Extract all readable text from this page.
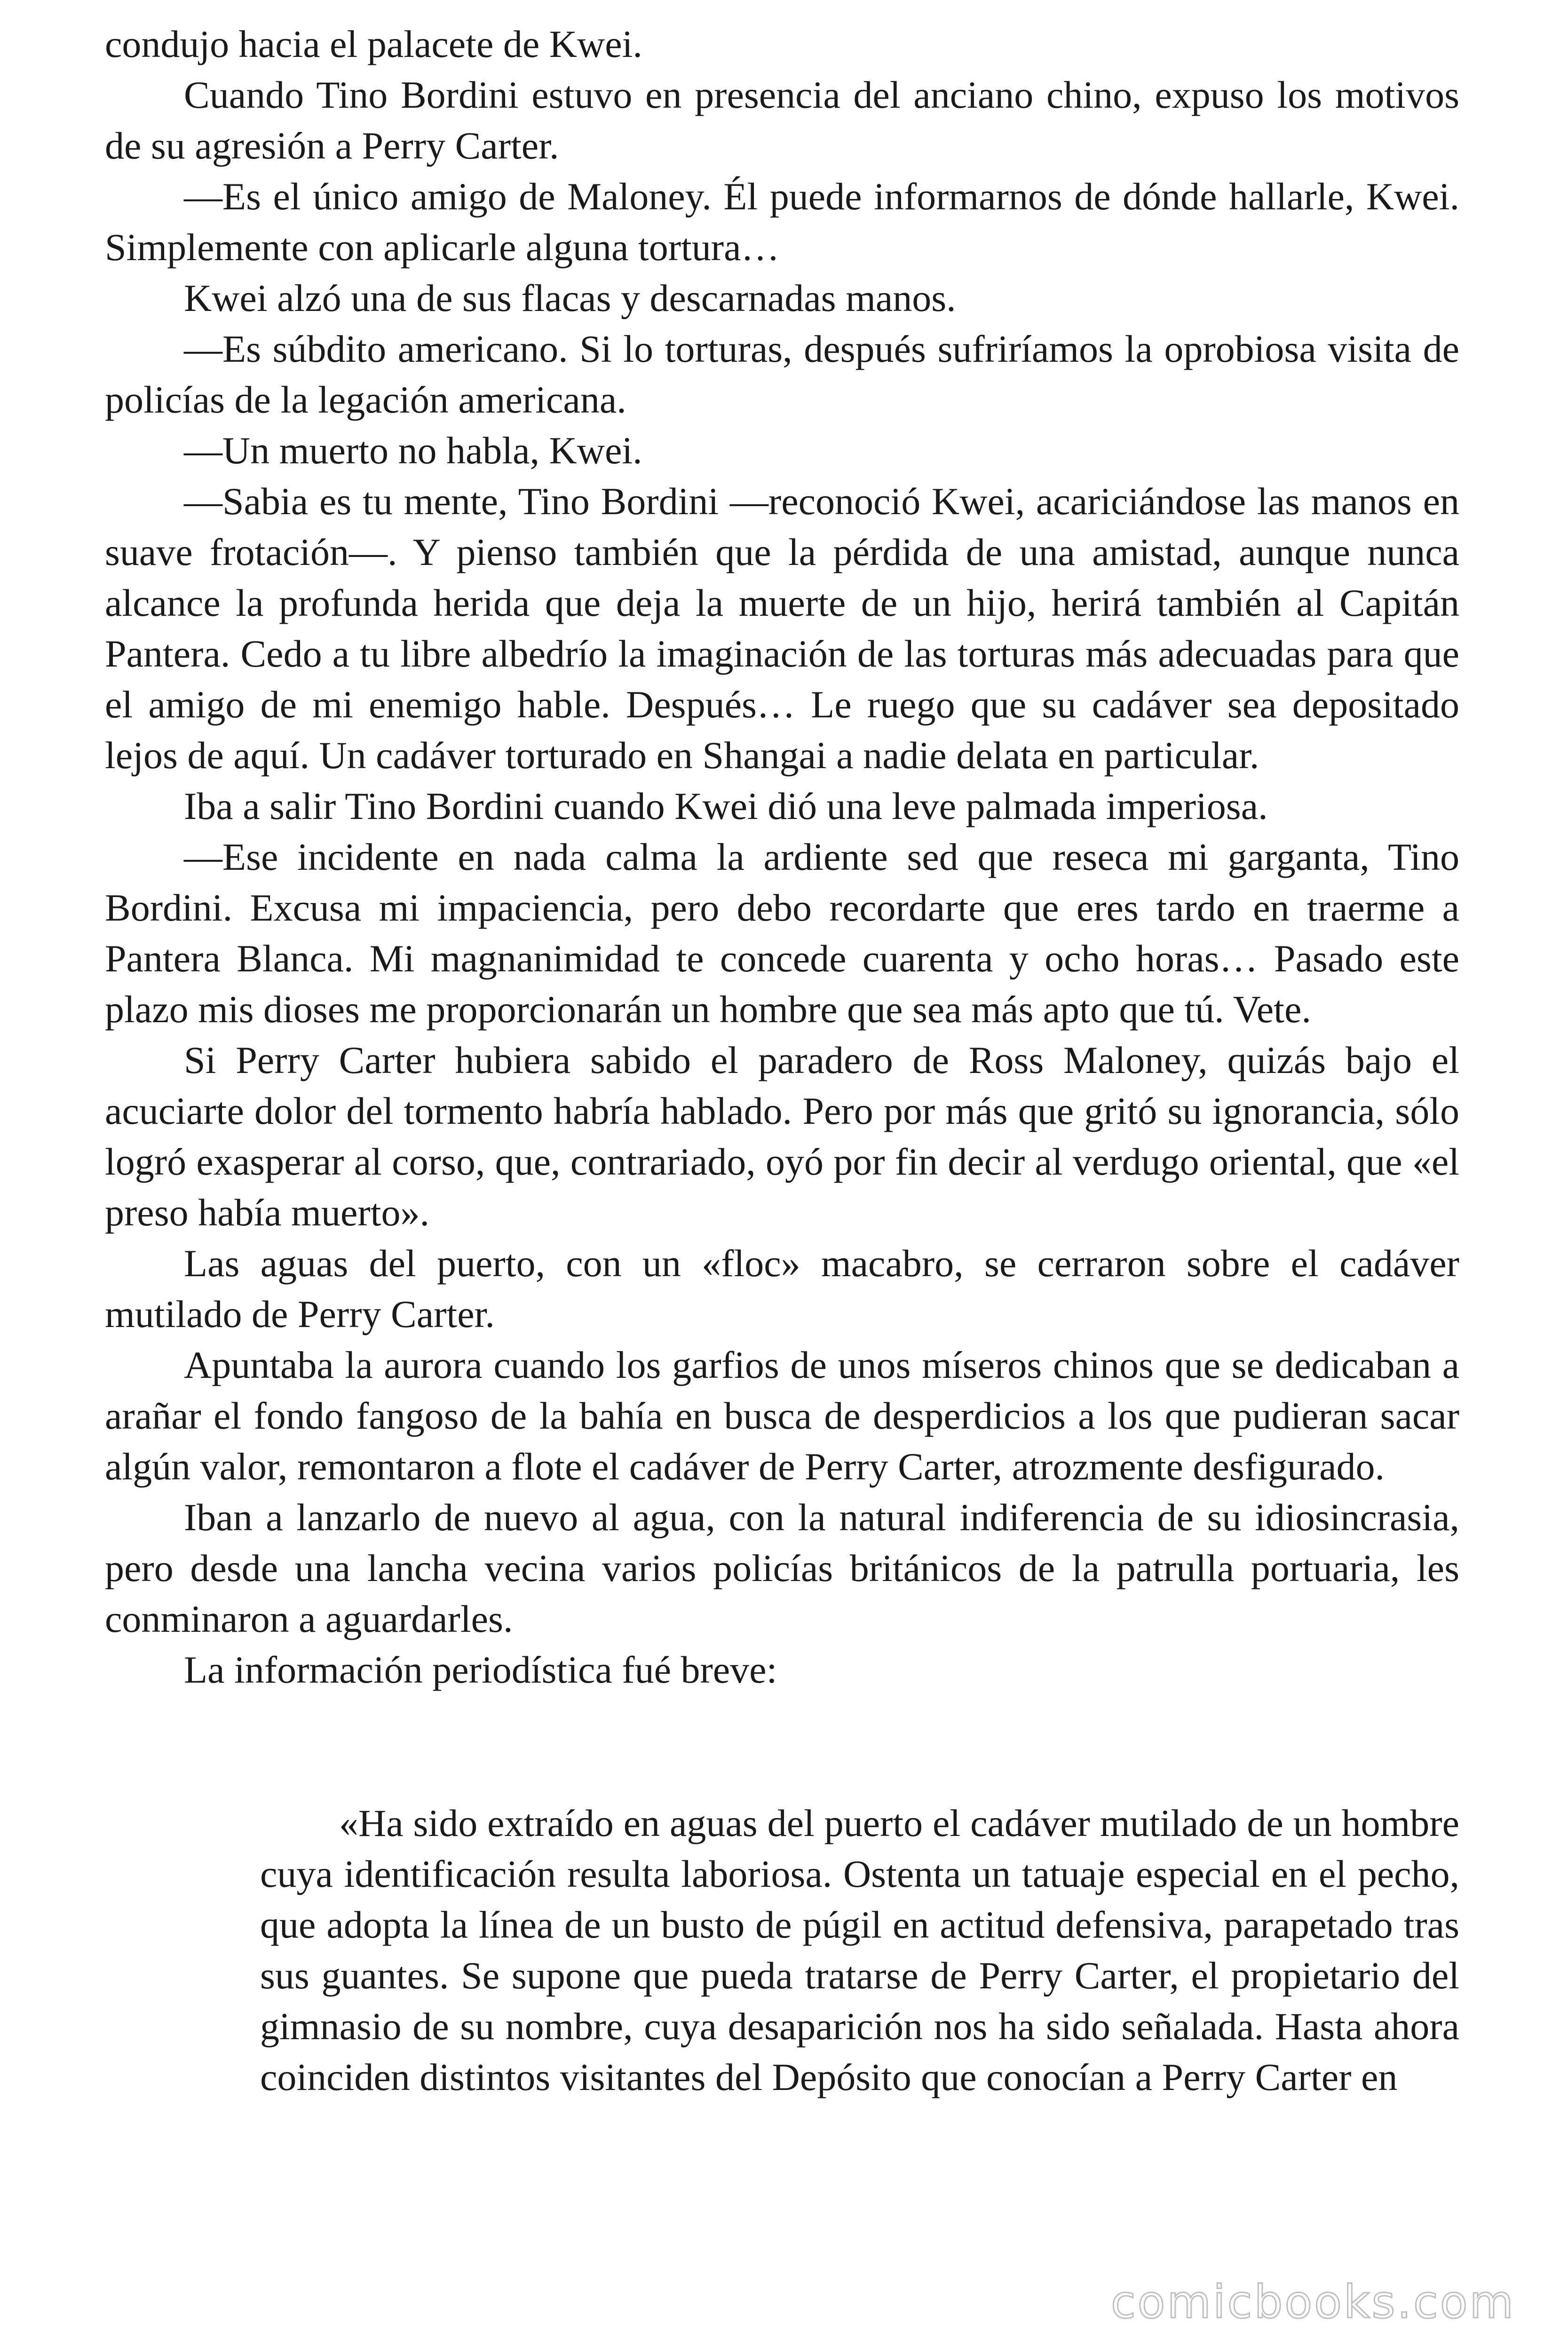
condujo hacia el palacete de Kwei.

Cuando Tino Bordini estuvo en presencia del anciano chino, expuso los motivos de su agresión a Perry Carter.

—Es el único amigo de Maloney. Él puede informarnos de dónde hallarle, Kwei. Simplemente con aplicarle alguna tortura…

Kwei alzó una de sus flacas y descarnadas manos.

—Es súbdito americano. Si lo torturas, después sufriríamos la oprobiosa visita de policías de la legación americana.

—Un muerto no habla, Kwei.

—Sabia es tu mente, Tino Bordini —reconoció Kwei, acariciándose las manos en suave frotación—. Y pienso también que la pérdida de una amistad, aunque nunca alcance la profunda herida que deja la muerte de un hijo, herirá también al Capitán Pantera. Cedo a tu libre albedrío la imaginación de las torturas más adecuadas para que el amigo de mi enemigo hable. Después… Le ruego que su cadáver sea depositado lejos de aquí. Un cadáver torturado en Shangai a nadie delata en particular.

Iba a salir Tino Bordini cuando Kwei dió una leve palmada imperiosa.

—Ese incidente en nada calma la ardiente sed que reseca mi garganta, Tino Bordini. Excusa mi impaciencia, pero debo recordarte que eres tardo en traerme a Pantera Blanca. Mi magnanimidad te concede cuarenta y ocho horas… Pasado este plazo mis dioses me proporcionarán un hombre que sea más apto que tú. Vete.

Si Perry Carter hubiera sabido el paradero de Ross Maloney, quizás bajo el acuciarte dolor del tormento habría hablado. Pero por más que gritó su ignorancia, sólo logró exasperar al corso, que, contrariado, oyó por fin decir al verdugo oriental, que «el preso había muerto».

Las aguas del puerto, con un «floc» macabro, se cerraron sobre el cadáver mutilado de Perry Carter.

Apuntaba la aurora cuando los garfios de unos míseros chinos que se dedicaban a arañar el fondo fangoso de la bahía en busca de desperdicios a los que pudieran sacar algún valor, remontaron a flote el cadáver de Perry Carter, atrozmente desfigurado.

Iban a lanzarlo de nuevo al agua, con la natural indiferencia de su idiosincrasia, pero desde una lancha vecina varios policías británicos de la patrulla portuaria, les conminaron a aguardarles.

La información periodística fué breve:

«Ha sido extraído en aguas del puerto el cadáver mutilado de un hombre cuya identificación resulta laboriosa. Ostenta un tatuaje especial en el pecho, que adopta la línea de un busto de púgil en actitud defensiva, parapetado tras sus guantes. Se supone que pueda tratarse de Perry Carter, el propietario del gimnasio de su nombre, cuya desaparición nos ha sido señalada. Hasta ahora coinciden distintos visitantes del Depósito que conocían a Perry Carter en

comicbooks.com
